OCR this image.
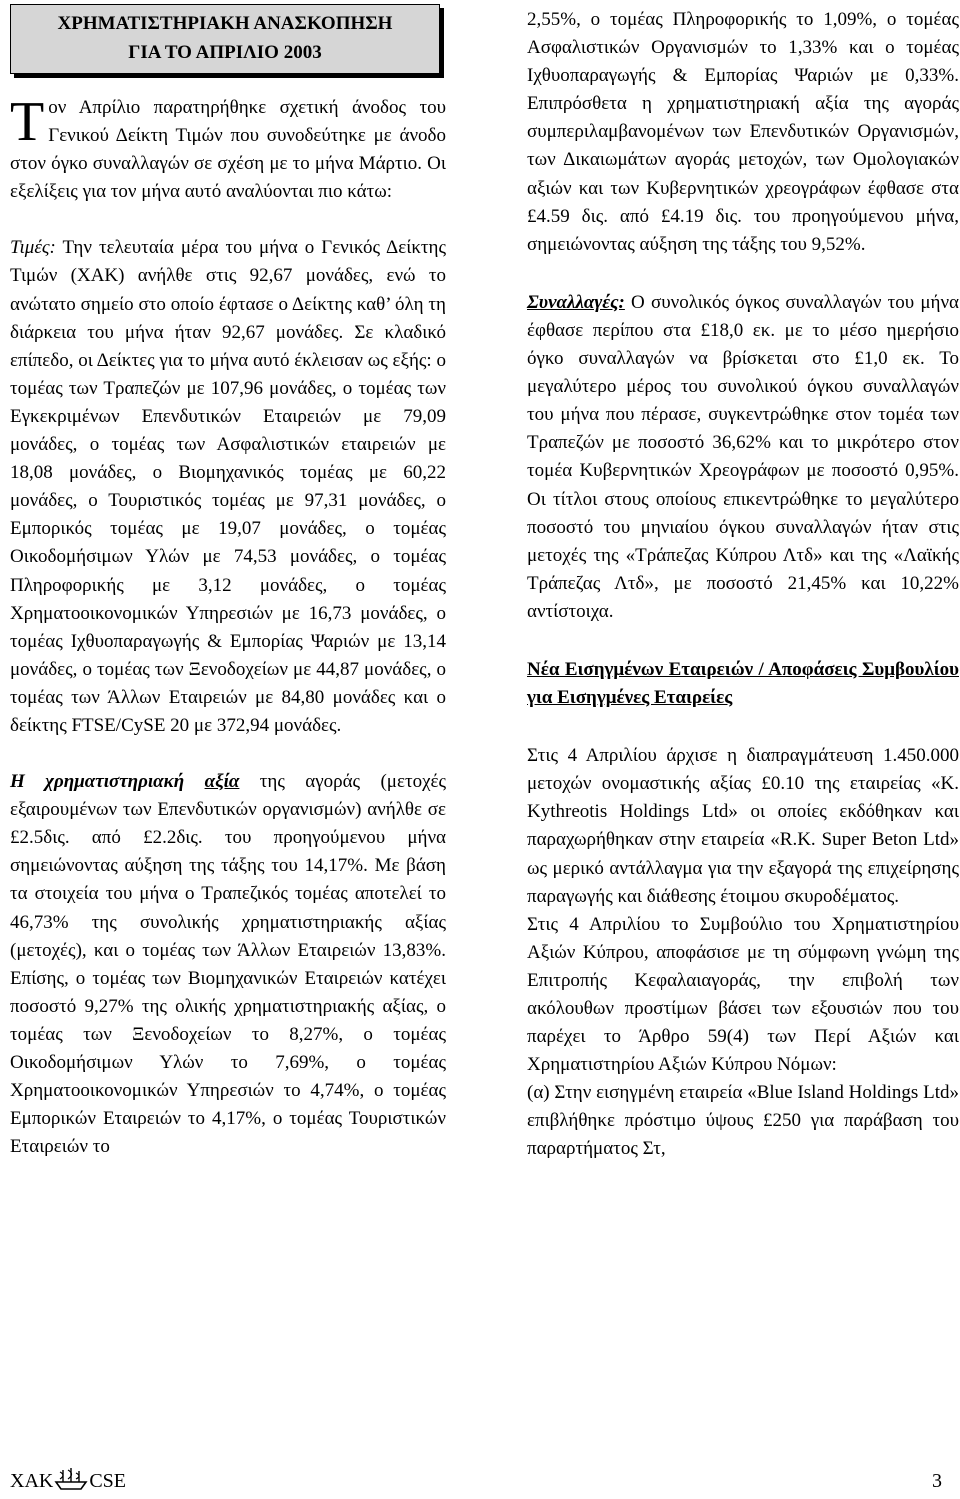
ΧΡΗΜΑΤΙΣΤΗΡΙΑΚΗ ΑΝΑΣΚΟΠΗΣΗ
ΓΙΑ ΤΟ ΑΠΡΙΛΙΟ 2003

Τον Απρίλιο παρατηρήθηκε σχετική άνοδος του Γενικού Δείκτη Τιμών που συνοδεύτηκε με άνοδο στον όγκο συναλλαγών σε σχέση με το μήνα Μάρτιο. Οι εξελίξεις για τον μήνα αυτό αναλύονται πιο κάτω:

Τιμές: Την τελευταία μέρα του μήνα ο Γενικός Δείκτης Τιμών (ΧΑΚ) ανήλθε στις 92,67 μονάδες, ενώ το ανώτατο σημείο στο οποίο έφτασε ο Δείκτης καθ’ όλη τη διάρκεια του μήνα ήταν 92,67 μονάδες. Σε κλαδικό επίπεδο, οι Δείκτες για το μήνα αυτό έκλεισαν ως εξής: ο τομέας των Τραπεζών με 107,96 μονάδες, ο τομέας των Εγκεκριμένων Επενδυτικών Εταιρειών με 79,09 μονάδες, ο τομέας των Ασφαλιστικών εταιρειών με 18,08 μονάδες, ο Βιομηχανικός τομέας με 60,22 μονάδες, ο Τουριστικός τομέας με 97,31 μονάδες, ο Εμπορικός τομέας με 19,07 μονάδες, ο τομέας Οικοδομήσιμων Υλών με 74,53 μονάδες, ο τομέας Πληροφορικής με 3,12 μονάδες, ο τομέας Χρηματοοικονομικών Υπηρεσιών με 16,73 μονάδες, ο τομέας Ιχθυοπαραγωγής & Εμπορίας Ψαριών με 13,14 μονάδες, ο τομέας των Ξενοδοχείων με 44,87 μονάδες, ο τομέας των Άλλων Εταιρειών με 84,80 μονάδες και ο δείκτης FTSE/CySE 20 με 372,94 μονάδες.

Η χρηματιστηριακή αξία της αγοράς (μετοχές εξαιρουμένων των Επενδυτικών οργανισμών) ανήλθε σε £2.5δις. από £2.2δις. του προηγούμενου μήνα σημειώνοντας αύξηση της τάξης του 14,17%. Με βάση τα στοιχεία του μήνα ο Τραπεζικός τομέας αποτελεί το 46,73% της συνολικής χρηματιστηριακής αξίας (μετοχές), και ο τομέας των Άλλων Εταιρειών 13,83%. Επίσης, ο τομέας των Βιομηχανικών Εταιρειών κατέχει ποσοστό 9,27% της ολικής χρηματιστηριακής αξίας, ο τομέας των Ξενοδοχείων το 8,27%, ο τομέας Οικοδομήσιμων Υλών το 7,69%, ο τομέας Χρηματοοικονομικών Υπηρεσιών το 4,74%, ο τομέας Εμπορικών Εταιρειών το 4,17%, ο τομέας Τουριστικών Εταιρειών το

2,55%, ο τομέας Πληροφορικής το 1,09%, ο τομέας Ασφαλιστικών Οργανισμών το 1,33% και ο τομέας Ιχθυοπαραγωγής & Εμπορίας Ψαριών με 0,33%. Επιπρόσθετα η χρηματιστηριακή αξία της αγοράς συμπεριλαμβανομένων των Επενδυτικών Οργανισμών, των Δικαιωμάτων αγοράς μετοχών, των Ομολογιακών αξιών και των Κυβερνητικών χρεογράφων έφθασε στα £4.59 δις. από £4.19 δις. του προηγούμενου μήνα, σημειώνοντας αύξηση της τάξης του 9,52%.

Συναλλαγές: Ο συνολικός όγκος συναλλαγών του μήνα έφθασε περίπου στα £18,0 εκ. με το μέσο ημερήσιο όγκο συναλλαγών να βρίσκεται στο £1,0 εκ. Το μεγαλύτερο μέρος του συνολικού όγκου συναλλαγών του μήνα που πέρασε, συγκεντρώθηκε στον τομέα των Τραπεζών με ποσοστό 36,62% και το μικρότερο στον τομέα Κυβερνητικών Χρεογράφων με ποσοστό 0,95%. Οι τίτλοι στους οποίους επικεντρώθηκε το μεγαλύτερο ποσοστό του μηνιαίου όγκου συναλλαγών ήταν στις μετοχές της «Τράπεζας Κύπρου Λτδ» και της «Λαϊκής Τράπεζας Λτδ», με ποσοστό 21,45% και 10,22% αντίστοιχα.

Νέα Εισηγμένων Εταιρειών / Αποφάσεις Συμβουλίου για Εισηγμένες Εταιρείες

Στις 4 Απριλίου άρχισε η διαπραγμάτευση 1.450.000 μετοχών ονομαστικής αξίας £0.10 της εταιρείας «K. Kythreotis Holdings Ltd» οι οποίες εκδόθηκαν και παραχωρήθηκαν στην εταιρεία «R.K. Super Beton Ltd» ως μερικό αντάλλαγμα για την εξαγορά της επιχείρησης παραγωγής και διάθεσης έτοιμου σκυροδέματος.

Στις 4 Απριλίου το Συμβούλιο του Χρηματιστηρίου Αξιών Κύπρου, αποφάσισε με τη σύμφωνη γνώμη της Επιτροπής Κεφαλαιαγοράς, την επιβολή των ακόλουθων προστίμων βάσει των εξουσιών που του παρέχει το Άρθρο 59(4) των Περί Αξιών και Χρηματιστηρίου Αξιών Κύπρου Νόμων:

(α) Στην εισηγμένη εταιρεία «Blue Island Holdings Ltd» επιβλήθηκε πρόστιμο ύψους £250 για παράβαση του παραρτήματος Στ,

ΧΑΚ CSE	3
